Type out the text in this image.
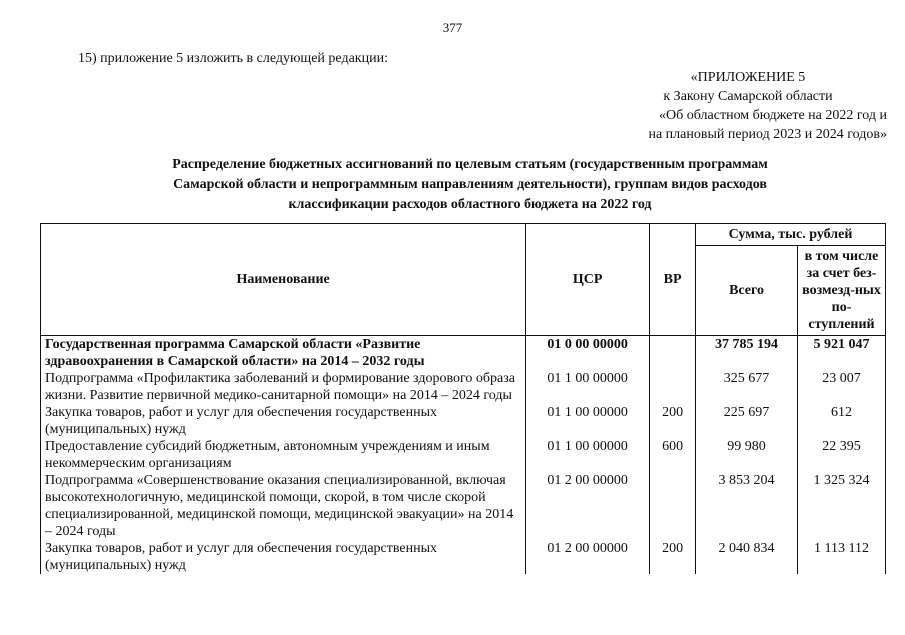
377
15) приложение 5 изложить в следующей редакции:
«ПРИЛОЖЕНИЕ 5
к Закону Самарской области
«Об областном бюджете на 2022 год и
на плановый период 2023 и 2024 годов»
Распределение бюджетных ассигнований по целевым статьям (государственным программам
Самарской области и непрограммным направлениям деятельности), группам видов расходов
классификации расходов областного бюджета на 2022 год
Наименование	ЦСР	ВР	Сумма, тыс. рублей	
			Всего	в том числе за счет без-возмезд-ных по-ступлений
Государственная программа Самарской области «Развитие здравоохранения в Самарской области» на 2014 – 2032 годы	01 0 00 00000		37 785 194	5 921 047
Подпрограмма «Профилактика заболеваний и формирование здорового образа жизни. Развитие первичной медико-санитарной помощи» на 2014 – 2024 годы	01 1 00 00000		325 677	23 007
Закупка товаров, работ и услуг для обеспечения государственных (муниципальных) нужд	01 1 00 00000	200	225 697	612
Предоставление субсидий бюджетным, автономным учреждениям и иным некоммерческим организациям	01 1 00 00000	600	99 980	22 395
Подпрограмма «Совершенствование оказания специализированной, включая высокотехнологичную, медицинской помощи, скорой, в том числе скорой специализированной, медицинской помощи, медицинской эвакуации» на 2014 – 2024 годы	01 2 00 00000		3 853 204	1 325 324
Закупка товаров, работ и услуг для обеспечения государственных (муниципальных) нужд	01 2 00 00000	200	2 040 834	1 113 112
